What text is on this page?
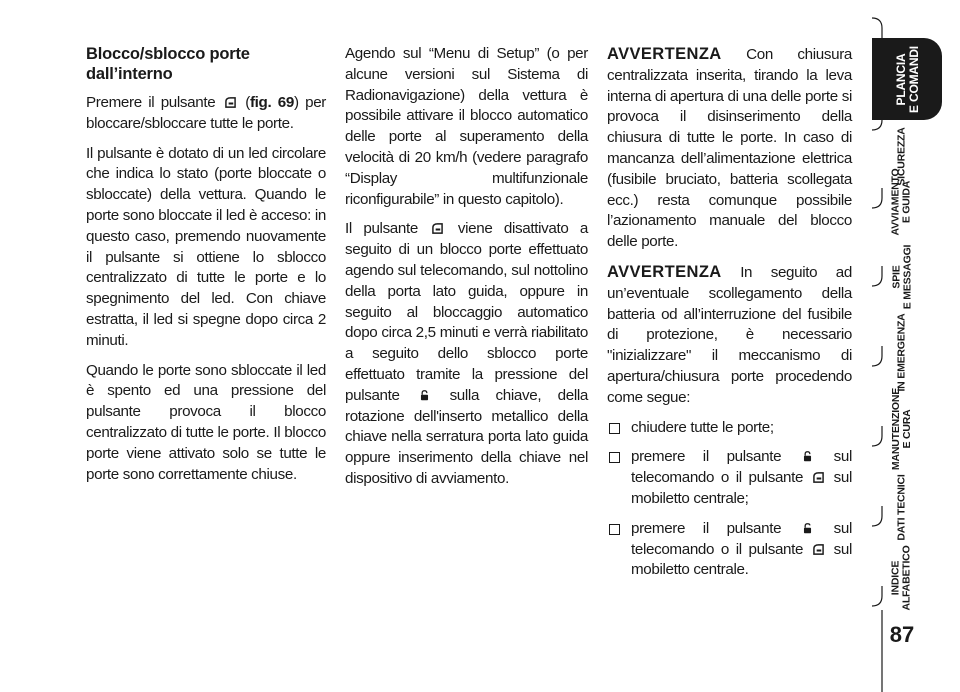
Blocco/sblocco porte
dall’interno

Premere il pulsante (fig. 69) per bloccare/sbloccare tutte le porte.

Il pulsante è dotato di un led circolare che indica lo stato (porte bloccate o sbloccate) della vettura. Quando le porte sono bloccate il led è acceso: in questo caso, premendo nuovamente il pulsante si ottiene lo sblocco centralizzato di tutte le porte e lo spegnimento del led. Con chiave estratta, il led si spegne dopo circa 2 minuti.

Quando le porte sono sbloccate il led è spento ed una pressione del pulsante provoca il blocco centralizzato di tutte le porte. Il blocco porte viene attivato solo se tutte le porte sono correttamente chiuse.

Agendo sul “Menu di Setup” (o per alcune versioni sul Sistema di Radionavigazione) della vettura è possibile attivare il blocco automatico delle porte al superamento della velocità di 20 km/h (vedere paragrafo “Display multifunzionale riconfigurabile” in questo capitolo).

Il pulsante	viene disattivato a seguito di un blocco porte effettuato agendo sul telecomando, sul nottolino della porta lato guida, oppure in seguito al bloccaggio automatico dopo circa 2,5 minuti e verrà riabilitato a seguito dello sblocco porte effettuato tramite la pressione del pulsante	sulla chiave, della rotazione dell'inserto metallico della chiave nella serratura porta lato guida oppure inserimento della chiave nel dispositivo di avviamento.

AVVERTENZA Con chiusura centralizzata inserita, tirando la leva interna di apertura di una delle porte si provoca il disinserimento della chiusura di tutte le porte. In caso di mancanza dell’alimentazione elettrica (fusibile bruciato, batteria scollegata ecc.) resta comunque possibile l’azionamento manuale del blocco delle porte.

AVVERTENZA In seguito ad un’eventuale scollegamento della batteria od all’interruzione del fusibile di protezione, è necessario "inizializzare" il meccanismo di apertura/chiusura porte procedendo come segue:

chiudere tutte le porte;
premere il pulsante	sul telecomando o il pulsante sul mobiletto centrale;
premere il pulsante	sul telecomando o il pulsante sul mobiletto centrale.
PLANCIA
E COMANDI
SICUREZZA
AVVIAMENTO
E GUIDA
SPIE
E MESSAGGI
IN EMERGENZA
MANUTENZIONE
E CURA
DATI TECNICI
INDICE
ALFABETICO
87
